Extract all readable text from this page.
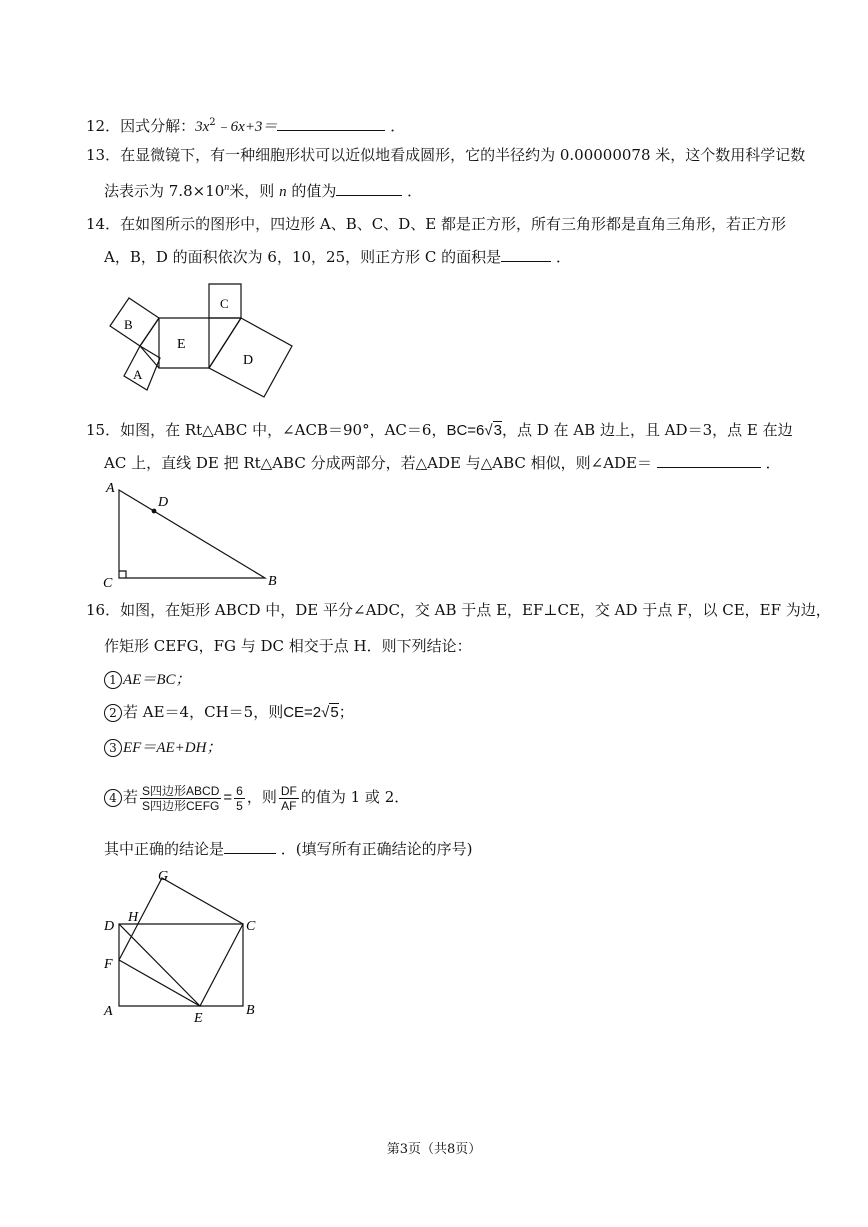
12．因式分解：$3x^2﹣6x+3=$	．
13．在显微镜下，有一种细胞形状可以近似地看成圆形，它的半径约为 0.00000078 米，这个数用科学记数
法表示为 $7.8\times 10^n$米，则 n 的值为	．
14．在如图所示的图形中，四边形 A、B、C、D、E 都是正方形，所有三角形都是直角三角形，若正方形
A，B，D 的面积依次为 6，10，25，则正方形 C 的面积是	．
B
A
E
C
D
15．如图，在 Rt△ABC 中，∠ACB＝90°，AC＝6，BC=6√3，点 D 在 AB 边上，且 AD＝3，点 E 在边
AC 上，直线 DE 把 Rt△ABC 分成两部分，若△ADE 与△ABC 相似，则∠ADE＝	．
A
D
C	B
16．如图，在矩形 ABCD 中，DE 平分∠ADC，交 AB 于点 E，EF⊥CE，交 AD 于点 F，以 CE，EF 为边，
作矩形 CEFG，FG 与 DC 相交于点 H．则下列结论：
1 AE＝BC；
2 若 AE＝4，CH＝5，则CE=2√5；
3 EF＝AE+DH；
4 若 $\frac{\text{S四边形ABCD}}{\text{S四边形CEFG}} = \frac{6}{5}$ ，则 $\frac{DF}{AF}$ 的值为 1 或 2．
其中正确的结论是	．(填写所有正确结论的序号)
G
D
H
C
F
A	E
B
第3页（共8页）
